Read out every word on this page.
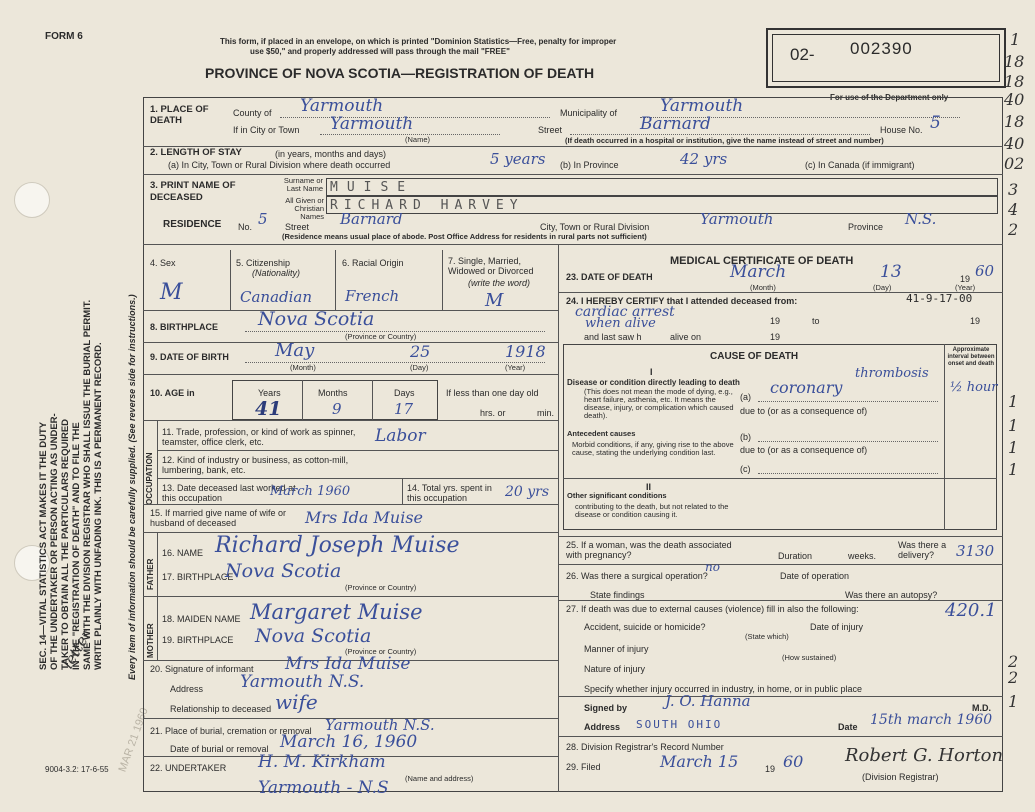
FORM 6
SEC. 14—VITAL STATISTICS ACT MAKES IT THE DUTY OF THE UNDERTAKER OR PERSON ACTING AS UNDER- TAKER TO OBTAIN ALL THE PARTICULARS REQUIRED IN THE "REGISTRATION OF DEATH" AND TO FILE THE SAME WITH THE DIVISION REGISTRAR WHO SHALL ISSUE THE BURIAL PERMIT. WRITE PLAINLY WITH UNFADING INK. THIS IS A PERMANENT RECORD.	Every item of information should be carefully supplied. (See reverse side for instructions.)
letter
MAR 21 1960
9004-3.2: 17-6-55
This form, if placed in an envelope, on which is printed "Dominion Statistics—Free, penalty for improper
use $50," and properly addressed will pass through the mail "FREE"
PROVINCE OF NOVA SCOTIA—REGISTRATION OF DEATH
02- 002390
For use of the Department only
1
18
18
40
18
40
02
3
4
2
1
1
1
1
2
2
1
1. PLACE OF DEATH
County of Yarmouth	Municipality of	Yarmouth
If in City or Town Yarmouth
(Name)
Street	Barnard	House No. 5
(If death occurred in a hospital or institution, give the name instead of street and number)
2. LENGTH OF STAY	(in years, months and days)
(a) In City, Town or Rural Division where death occurred	5 years (b) In Province	42 yrs	(c) In Canada (if immigrant)
3. PRINT NAME OF DECEASED
Surname or Last Name
All Given or Christian Names
MUISE
RICHARD HARVEY
RESIDENCE No. 5 Street Barnard	City, Town or Rural Division	Yarmouth	Province N.S.
(Residence means usual place of abode. Post Office Address for residents in rural parts not sufficient)
4. Sex	5. Citizenship
(Nationality)
6. Racial Origin	7. Single, Married, Widowed or Divorced
(write the word)
M	Canadian French	M
8. BIRTHPLACE Nova Scotia
(Province or Country)
9. DATE OF BIRTH	May	25	1918
(Month)	(Day)	(Year)
10. AGE in	Years	Months	Days
41	9	17
If less than one day old
hrs. or	min.
OCCUPATION
11. Trade, profession, or kind of work as spinner, teamster, office clerk, etc.	Labor
12. Kind of industry or business, as cotton-mill, lumbering, bank, etc.
13. Date deceased last worked at this occupation	March 1960	14. Total yrs. spent in this occupation	20 yrs
15. If married give name of wife or husband of deceased	Mrs Ida Muise
FATHER
MOTHER
16. NAME Richard Joseph Muise
17. BIRTHPLACE
Nova Scotia
(Province or Country)
18. MAIDEN NAME Margaret Muise
19. BIRTHPLACE Nova Scotia
(Province or Country)
20. Signature of informant Mrs Ida Muise
Address Yarmouth N.S.
Relationship to deceased wife
21. Place of burial, cremation or removal Yarmouth N.S.
Date of burial or removal March 16, 1960
22. UNDERTAKER H. M. Kirkham
(Name and address)
Yarmouth - N.S
MEDICAL CERTIFICATE OF DEATH
23. DATE OF DEATH	March	13	19 60
(Month)	(Day)	(Year)
24. I HEREBY CERTIFY that I attended deceased from:	41-9-17-00
cardiac arrest
when alive	19	to	19
and last saw h	alive on	19
CAUSE OF DEATH
Approximate interval between onset and death
I
Disease or condition directly leading to death
(This does not mean the mode of dying, e.g., heart failure, asthenia, etc. It means the disease, injury, or complication which caused death).
(a) coronary
thrombosis
½ hour
due to (or as a consequence of)
Antecedent causes
Morbid conditions, if any, giving rise to the above cause, stating the underlying condition last.
(b)
due to (or as a consequence of)
(c)
II
Other significant conditions
contributing to the death, but not related to the disease or condition causing it.
25. If a woman, was the death associated with pregnancy?	Duration	weeks.
Was there a delivery?	3130
26. Was there a surgical operation?
no
Date of operation
State findings	Was there an autopsy?
27. If death was due to external causes (violence) fill in also the following:	420.1
Accident, suicide or homicide?	Date of injury
(State which)
Manner of injury
(How sustained)
Nature of injury
Specify whether injury occurred in industry, in home, or in public place
Signed by	J. O. Hanna	M.D.
Address SOUTH OHIO	Date 15th march 1960
28. Division Registrar's Record Number
29. Filed	March 15	19 60 Robert G. Horton
(Division Registrar)
